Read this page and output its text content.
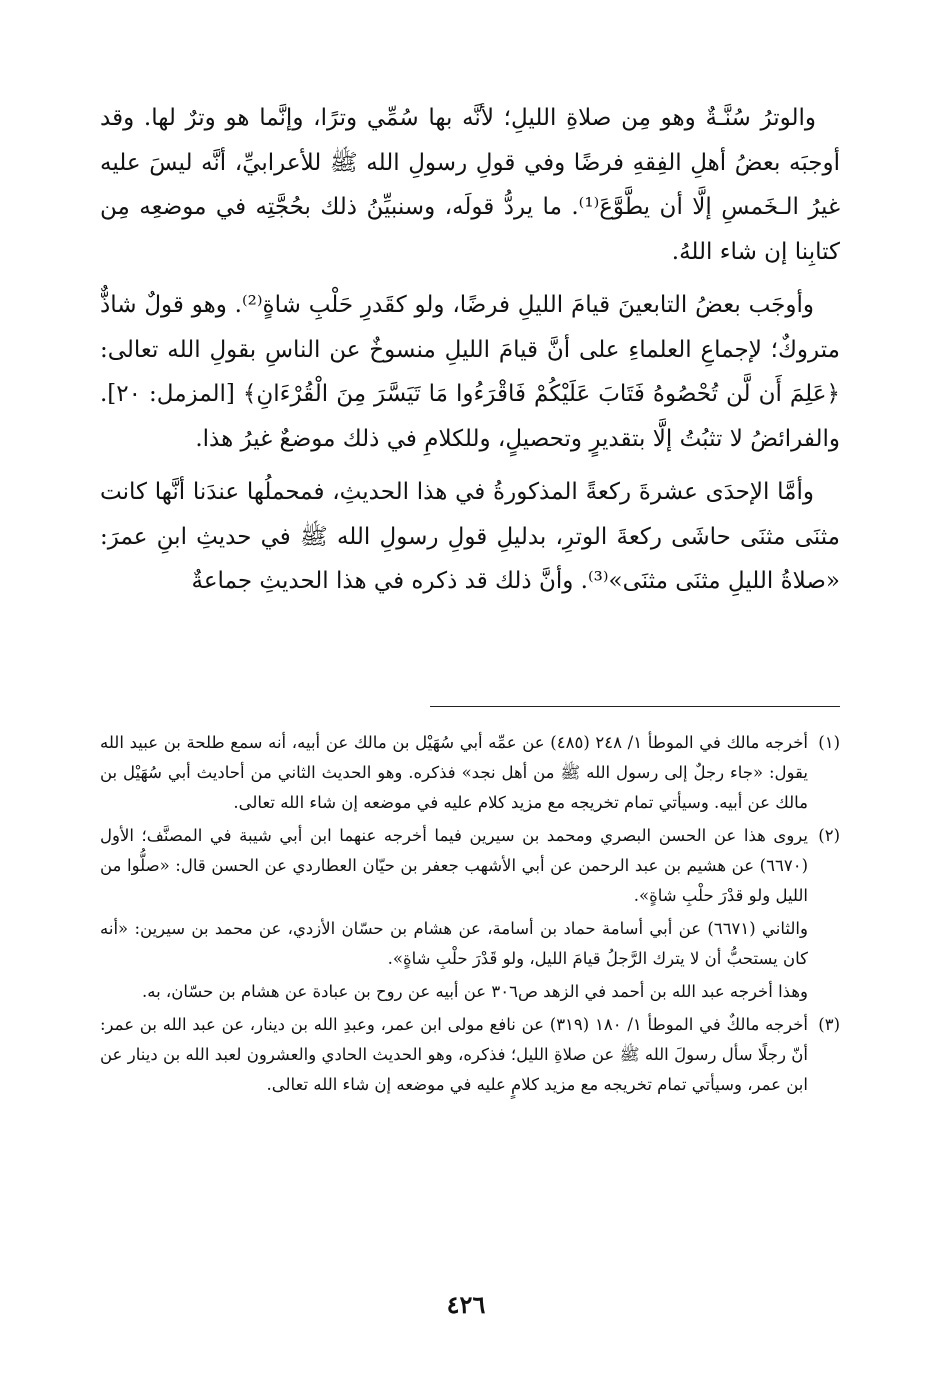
والوترُ سُنَّـةٌ وهو مِن صلاةِ الليلِ؛ لأنَّه بها سُمِّي وترًا، وإنَّما هو وترٌ لها. وقد أوجبَه بعضُ أهلِ الفِقهِ فرضًا وفي قولِ رسولِ الله ﷺ للأعرابيِّ، أنَّه ليسَ عليه غيرُ الـخَمسِ إلَّا أن يطَّوَّعَ⁽¹⁾. ما يردُّ قولَه، وسنبيِّنُ ذلك بحُجَّتِه في موضعِه مِن كتابِنا إن شاء اللهُ.

وأوجَب بعضُ التابعينَ قيامَ الليلِ فرضًا، ولو كقَدرِ حَلْبِ شاةٍ⁽²⁾. وهو قولٌ شاذٌّ متروكٌ؛ لإجماعِ العلماءِ على أنَّ قيامَ الليلِ منسوخٌ عن الناسِ بقولِ الله تعالى: ﴿عَلِمَ أَن لَّن تُحْصُوهُ فَتَابَ عَلَيْكُمْ فَاقْرَءُوا مَا تَيَسَّرَ مِنَ الْقُرْءَانِ﴾ [المزمل: ٢٠]. والفرائضُ لا تثبُتُ إلَّا بتقديرٍ وتحصيلٍ، وللكلامِ في ذلك موضعٌ غيرُ هذا.

وأمَّا الإحدَى عشرةَ ركعةً المذكورةُ في هذا الحديثِ، فمحملُها عندَنا أنَّها كانت مثنَى مثنَى حاشَى ركعةَ الوترِ، بدليلِ قولِ رسولِ الله ﷺ في حديثِ ابنِ عمرَ: «صلاةُ الليلِ مثنَى مثنَى»⁽³⁾. وأنَّ ذلك قد ذكره في هذا الحديثِ جماعةٌ

(١)
أخرجه مالك في الموطأ ١/ ٢٤٨ (٤٨٥) عن عمِّه أبي سُهَيْل بن مالك عن أبيه، أنه سمع طلحة بن عبيد الله يقول: «جاء رجلٌ إلى رسول الله ﷺ من أهل نجد» فذكره. وهو الحديث الثاني من أحاديث أبي سُهَيْل بن مالك عن أبيه. وسيأتي تمام تخريجه مع مزيد كلام عليه في موضعه إن شاء الله تعالى.
(٢)
يروى هذا عن الحسن البصري ومحمد بن سيرين فيما أخرجه عنهما ابن أبي شيبة في المصنَّف؛ الأول (٦٦٧٠) عن هشيم بن عبد الرحمن عن أبي الأشهب جعفر بن حيّان العطاردي عن الحسن قال: «صلُّوا من الليل ولو قدْرَ حلْبِ شاةٍ».
والثاني (٦٦٧١) عن أبي أسامة حماد بن أسامة، عن هشام بن حسّان الأزدي، عن محمد بن سيرين: «أنه كان يستحبُّ أن لا يترك الرَّجلُ قيامَ الليل، ولو قَدْرَ حلْبِ شاةٍ».
وهذا أخرجه عبد الله بن أحمد في الزهد ص٣٠٦ عن أبيه عن روح بن عبادة عن هشام بن حسّان، به.
(٣)
أخرجه مالكٌ في الموطأ ١/ ١٨٠ (٣١٩) عن نافع مولى ابن عمر، وعبدِ الله بن دينار، عن عبد الله بن عمر: أنّ رجلًا سأل رسولَ الله ﷺ عن صلاةِ الليل؛ فذكره، وهو الحديث الحادي والعشرون لعبد الله بن دينار عن ابن عمر، وسيأتي تمام تخريجه مع مزيد كلامٍ عليه في موضعه إن شاء الله تعالى.
٤٢٦
